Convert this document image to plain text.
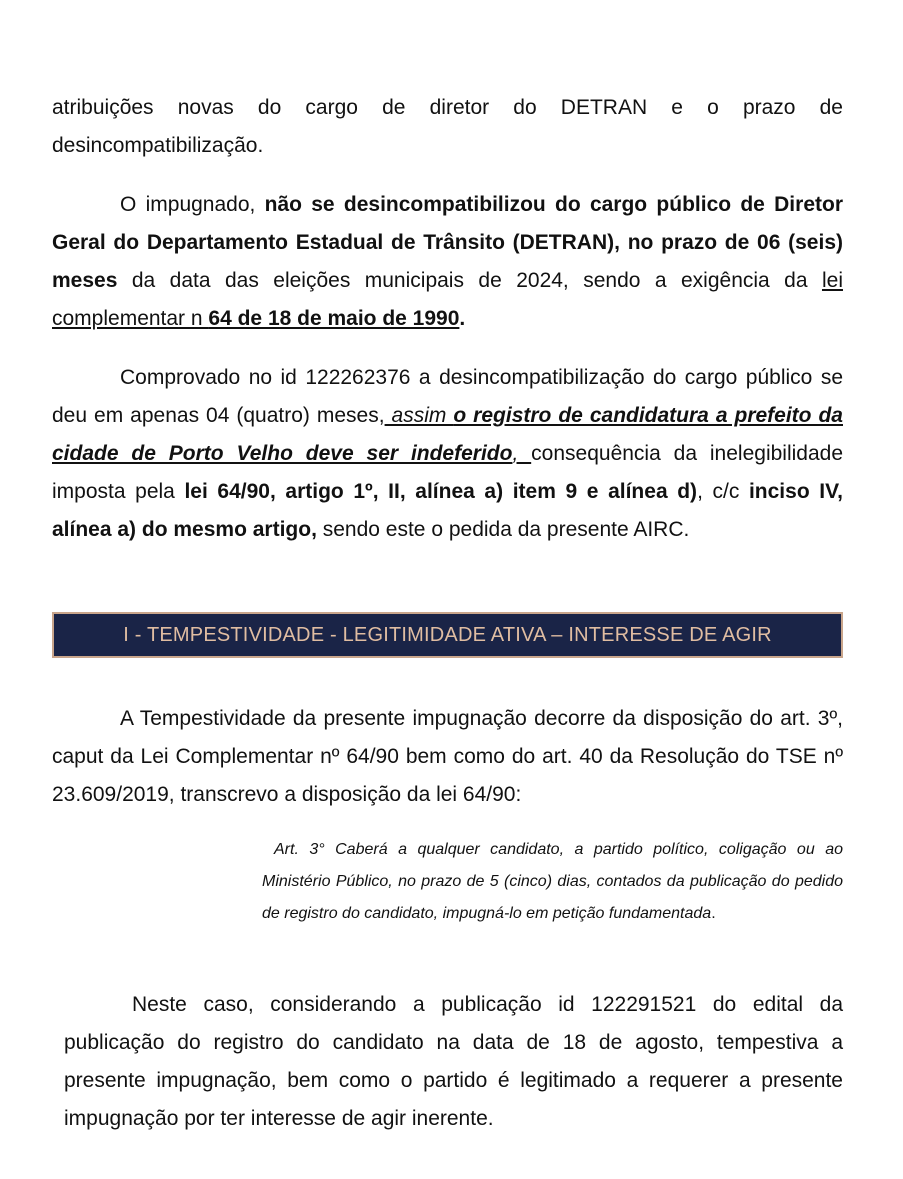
atribuições novas do cargo de diretor do DETRAN e o prazo de desincompatibilização.

O impugnado, não se desincompatibilizou do cargo público de Diretor Geral do Departamento Estadual de Trânsito (DETRAN), no prazo de 06 (seis) meses da data das eleições municipais de 2024, sendo a exigência da lei complementar n 64 de 18 de maio de 1990.

Comprovado no id 122262376 a desincompatibilização do cargo público se deu em apenas 04 (quatro) meses, assim o registro de candidatura a prefeito da cidade de Porto Velho deve ser indeferido, consequência da inelegibilidade imposta pela lei 64/90, artigo 1º, II, alínea a) item 9 e alínea d), c/c inciso IV, alínea a) do mesmo artigo, sendo este o pedida da presente AIRC.

I - TEMPESTIVIDADE - LEGITIMIDADE ATIVA – INTERESSE DE AGIR

A Tempestividade da presente impugnação decorre da disposição do art. 3º, caput da Lei Complementar nº 64/90 bem como do art. 40 da Resolução do TSE nº 23.609/2019, transcrevo a disposição da lei 64/90:

Art. 3° Caberá a qualquer candidato, a partido político, coligação ou ao Ministério Público, no prazo de 5 (cinco) dias, contados da publicação do pedido de registro do candidato, impugná-lo em petição fundamentada.

Neste caso, considerando a publicação id 122291521 do edital da publicação do registro do candidato na data de 18 de agosto, tempestiva a presente impugnação, bem como o partido é legitimado a requerer a presente impugnação por ter interesse de agir inerente.
